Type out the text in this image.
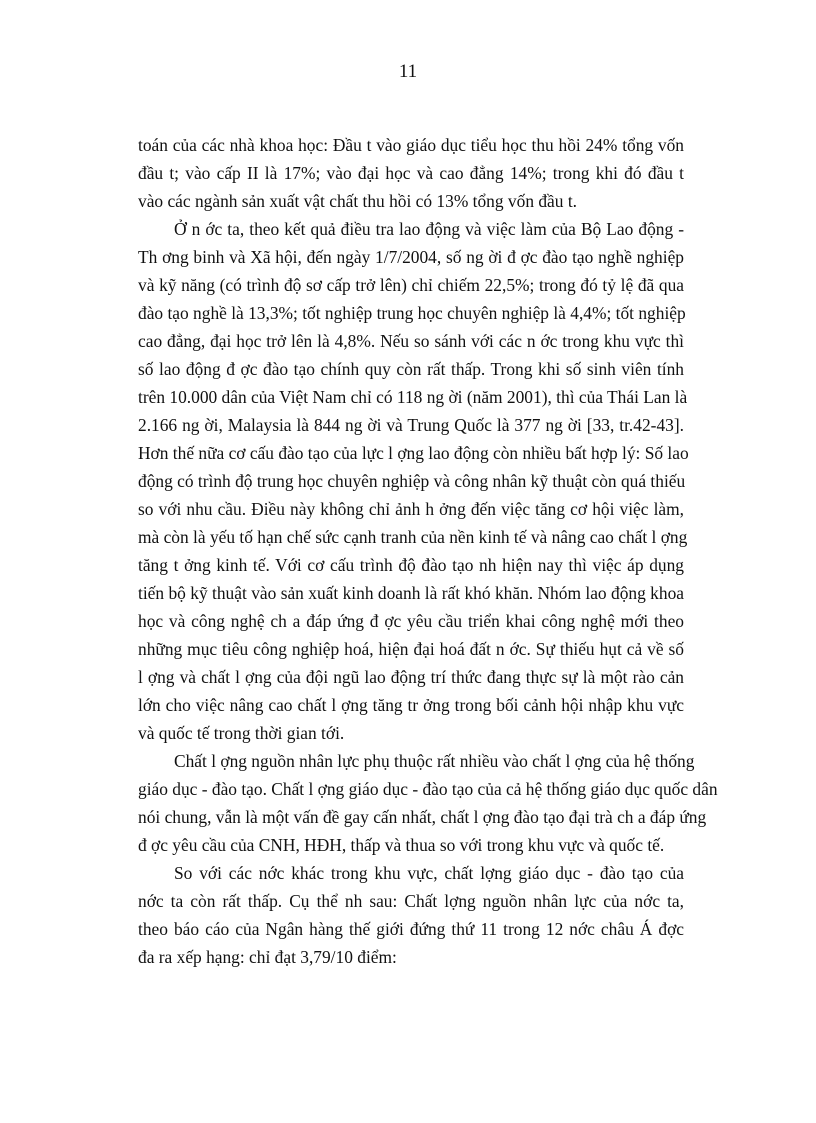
11
toán của các nhà khoa học: Đầu t vào giáo dục tiểu học thu hồi 24% tổng vốn
đầu t; vào cấp II là 17%; vào đại học và cao đẳng 14%; trong khi đó đầu t
vào các ngành sản xuất vật chất thu hồi có 13% tổng vốn đầu t.
Ở n ớc ta, theo kết quả điều tra lao động và việc làm của Bộ Lao động -
Th ơng binh và Xã hội, đến ngày 1/7/2004, số ng ời đ ợc đào tạo nghề nghiệp
và kỹ năng (có trình độ sơ cấp trở lên) chỉ chiếm 22,5%; trong đó tỷ lệ đã qua
đào tạo nghề là 13,3%; tốt nghiệp trung học chuyên nghiệp là 4,4%; tốt nghiệp
cao đẳng, đại học trở lên là 4,8%. Nếu so sánh với các n ớc trong khu vực thì
số lao động đ ợc đào tạo chính quy còn rất thấp. Trong khi số sinh viên tính
trên 10.000 dân của Việt Nam chỉ có 118 ng ời (năm 2001), thì của Thái Lan là
2.166 ng ời, Malaysia là 844 ng ời và Trung Quốc là 377 ng ời [33, tr.42-43].
Hơn thế nữa cơ cấu đào tạo của lực l ợng lao động còn nhiều bất hợp lý: Số lao
động có trình độ trung học chuyên nghiệp và công nhân kỹ thuật còn quá thiếu
so với nhu cầu. Điều này không chỉ ảnh h ởng đến việc tăng cơ hội việc làm,
mà còn là yếu tố hạn chế sức cạnh tranh của nền kinh tế và nâng cao chất l ợng
tăng t ởng kinh tế. Với cơ cấu trình độ đào tạo nh hiện nay thì việc áp dụng
tiến bộ kỹ thuật vào sản xuất kinh doanh là rất khó khăn. Nhóm lao động khoa
học và công nghệ ch a đáp ứng đ ợc yêu cầu triển khai công nghệ mới theo
những mục tiêu công nghiệp hoá, hiện đại hoá đất n ớc. Sự thiếu hụt cả về số
l ợng và chất l ợng của đội ngũ lao động trí thức đang thực sự là một rào cản
lớn cho việc nâng cao chất l ợng tăng tr ởng trong bối cảnh hội nhập khu vực
và quốc tế trong thời gian tới.
Chất l ợng nguồn nhân lực phụ thuộc rất nhiều vào chất l ợng của hệ thống
giáo dục - đào tạo. Chất l ợng giáo dục - đào tạo của cả hệ thống giáo dục quốc dân
nói chung, vẫn là một vấn đề gay cấn nhất, chất l ợng đào tạo đại trà ch a đáp ứng
đ ợc yêu cầu của CNH, HĐH, thấp và thua so với trong khu vực và quốc tế.
So với các nớc khác trong khu vực, chất lợng giáo dục - đào tạo của
nớc ta còn rất thấp. Cụ thể nh sau: Chất lợng nguồn nhân lực của nớc ta,
theo báo cáo của Ngân hàng thế giới đứng thứ 11 trong 12 nớc châu Á đợc
đa ra xếp hạng: chỉ đạt 3,79/10 điểm:
